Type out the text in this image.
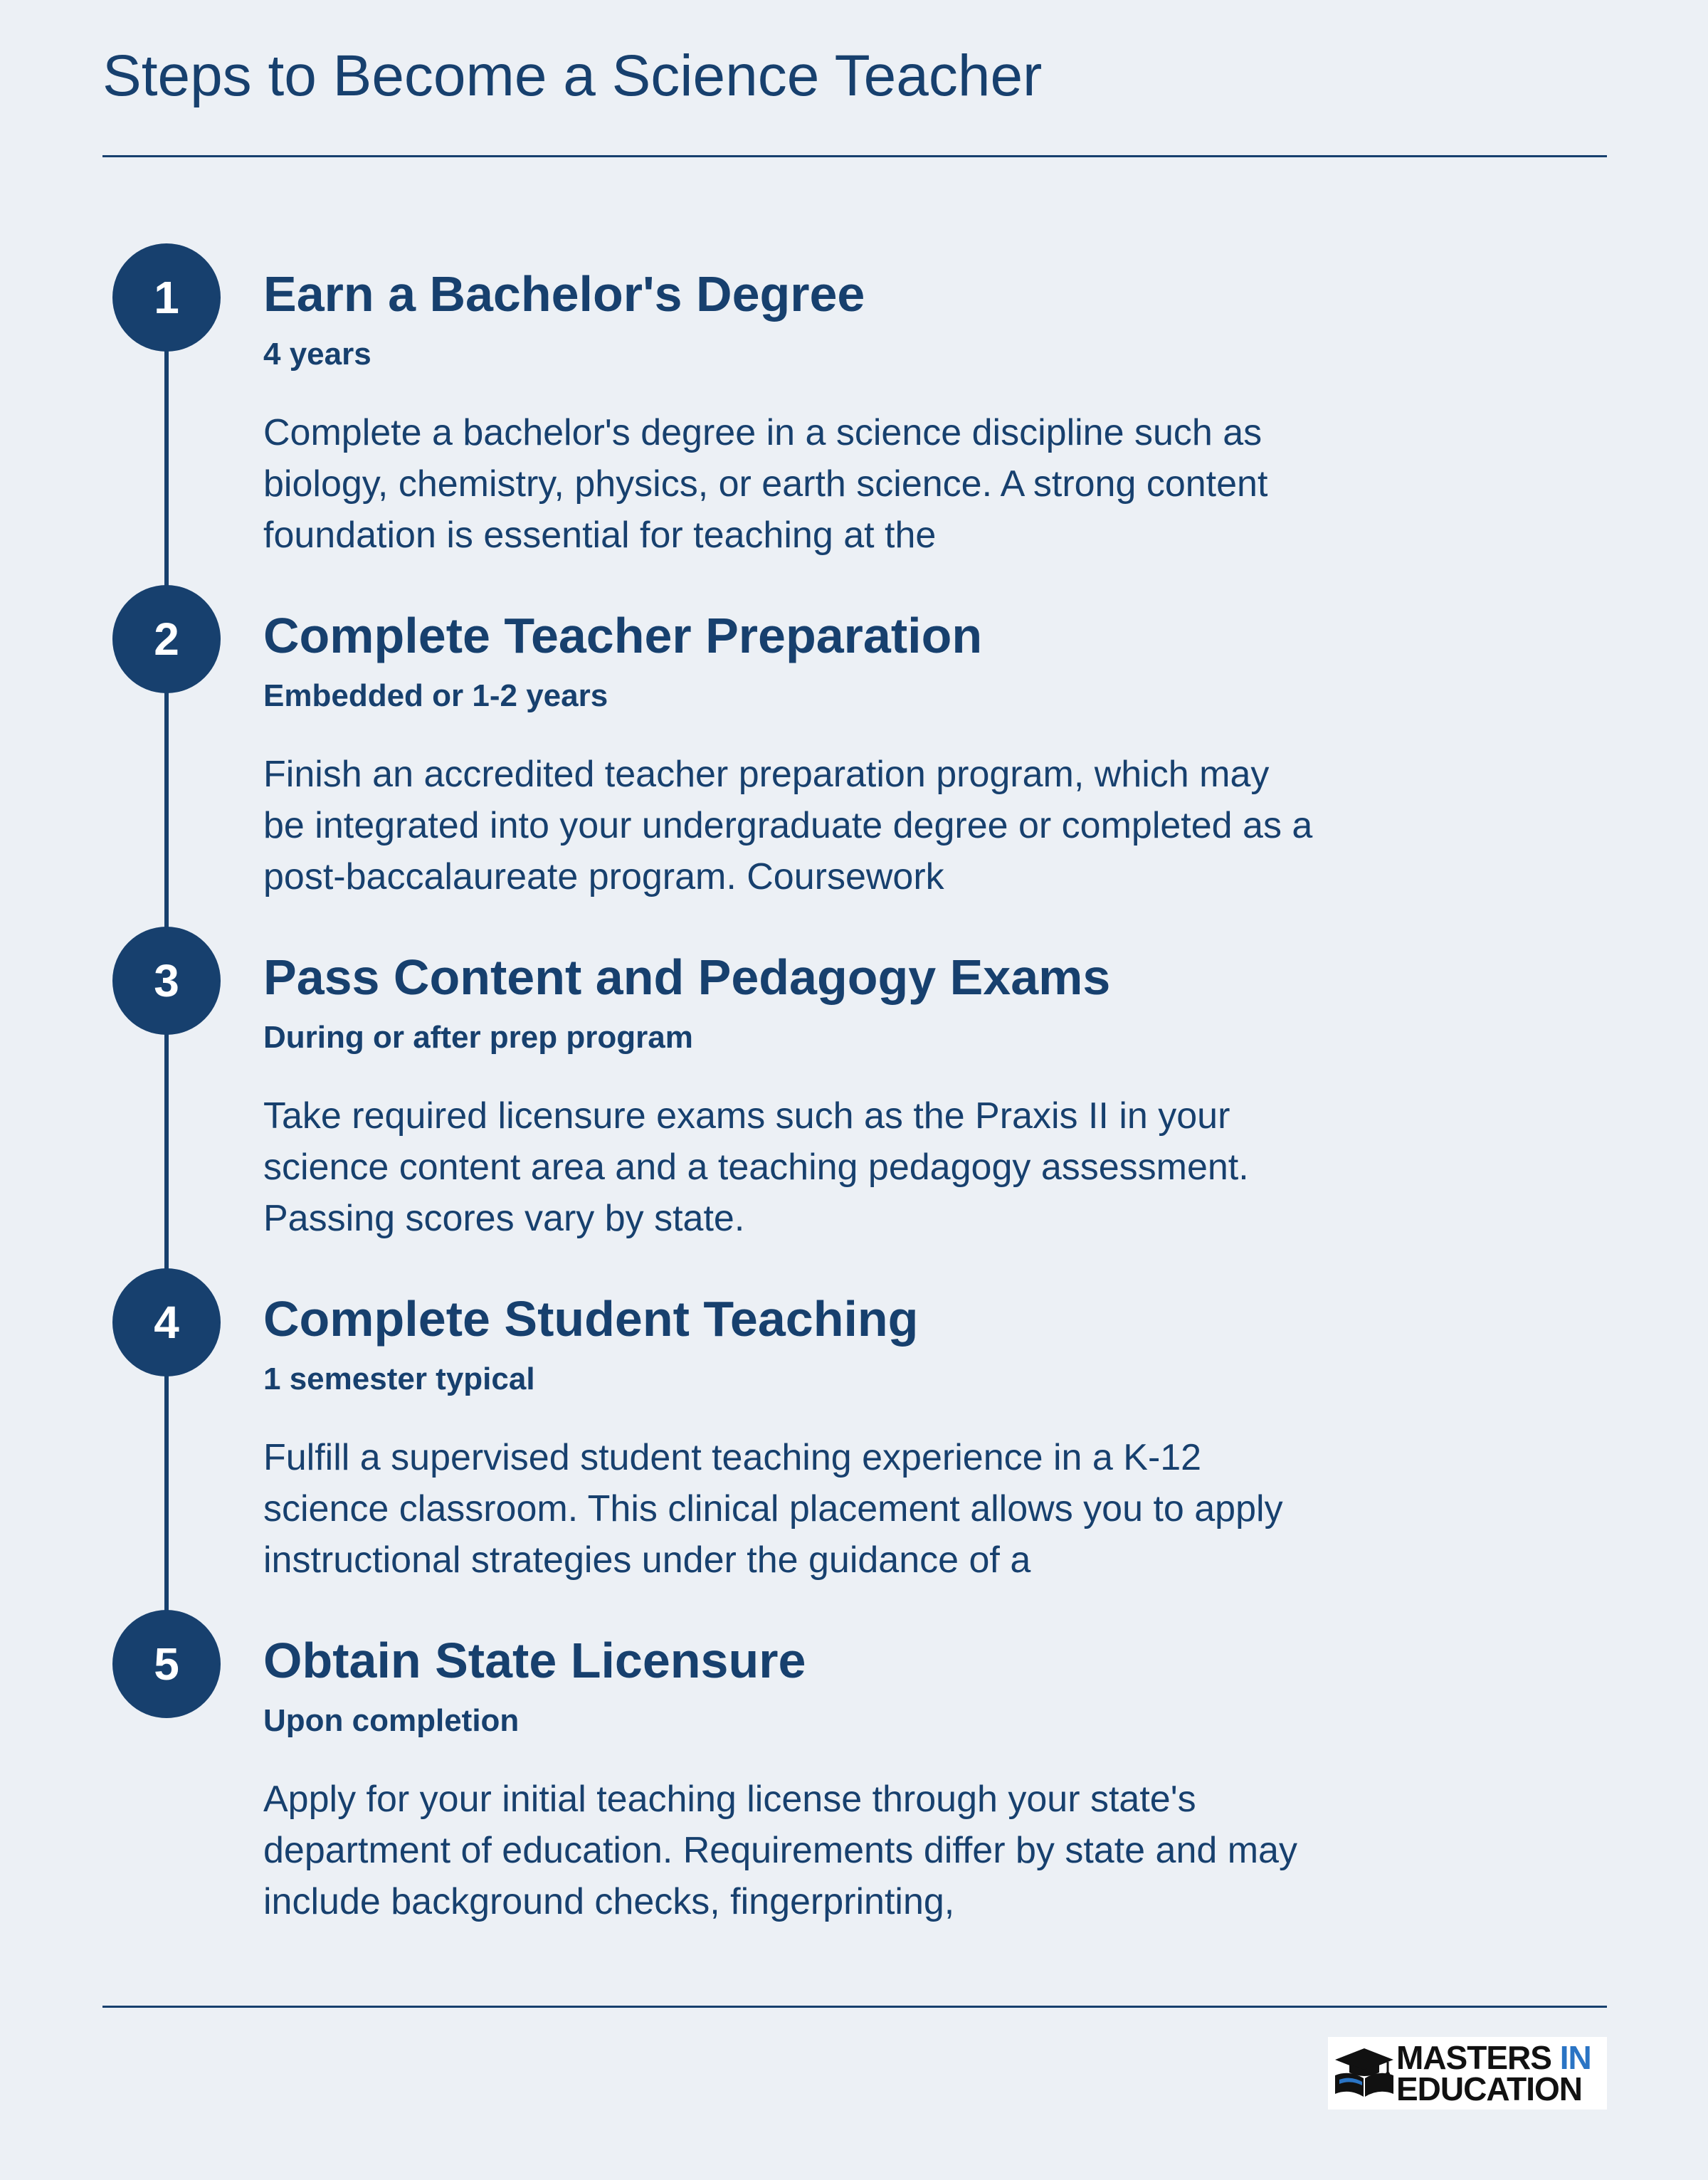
Steps to Become a Science Teacher
1	Earn a Bachelor's Degree
4 years

Complete a bachelor's degree in a science discipline such as biology, chemistry, physics, or earth science. A strong content foundation is essential for teaching at the

2	Complete Teacher Preparation
Embedded or 1-2 years

Finish an accredited teacher preparation program, which may be integrated into your undergraduate degree or completed as a post-baccalaureate program. Coursework

3	Pass Content and Pedagogy Exams
During or after prep program

Take required licensure exams such as the Praxis II in your science content area and a teaching pedagogy assessment. Passing scores vary by state.

4	Complete Student Teaching
1 semester typical

Fulfill a supervised student teaching experience in a K-12 science classroom. This clinical placement allows you to apply instructional strategies under the guidance of a

5	Obtain State Licensure
Upon completion

Apply for your initial teaching license through your state's department of education. Requirements differ by state and may include background checks, fingerprinting,

MASTERS IN
EDUCATION
